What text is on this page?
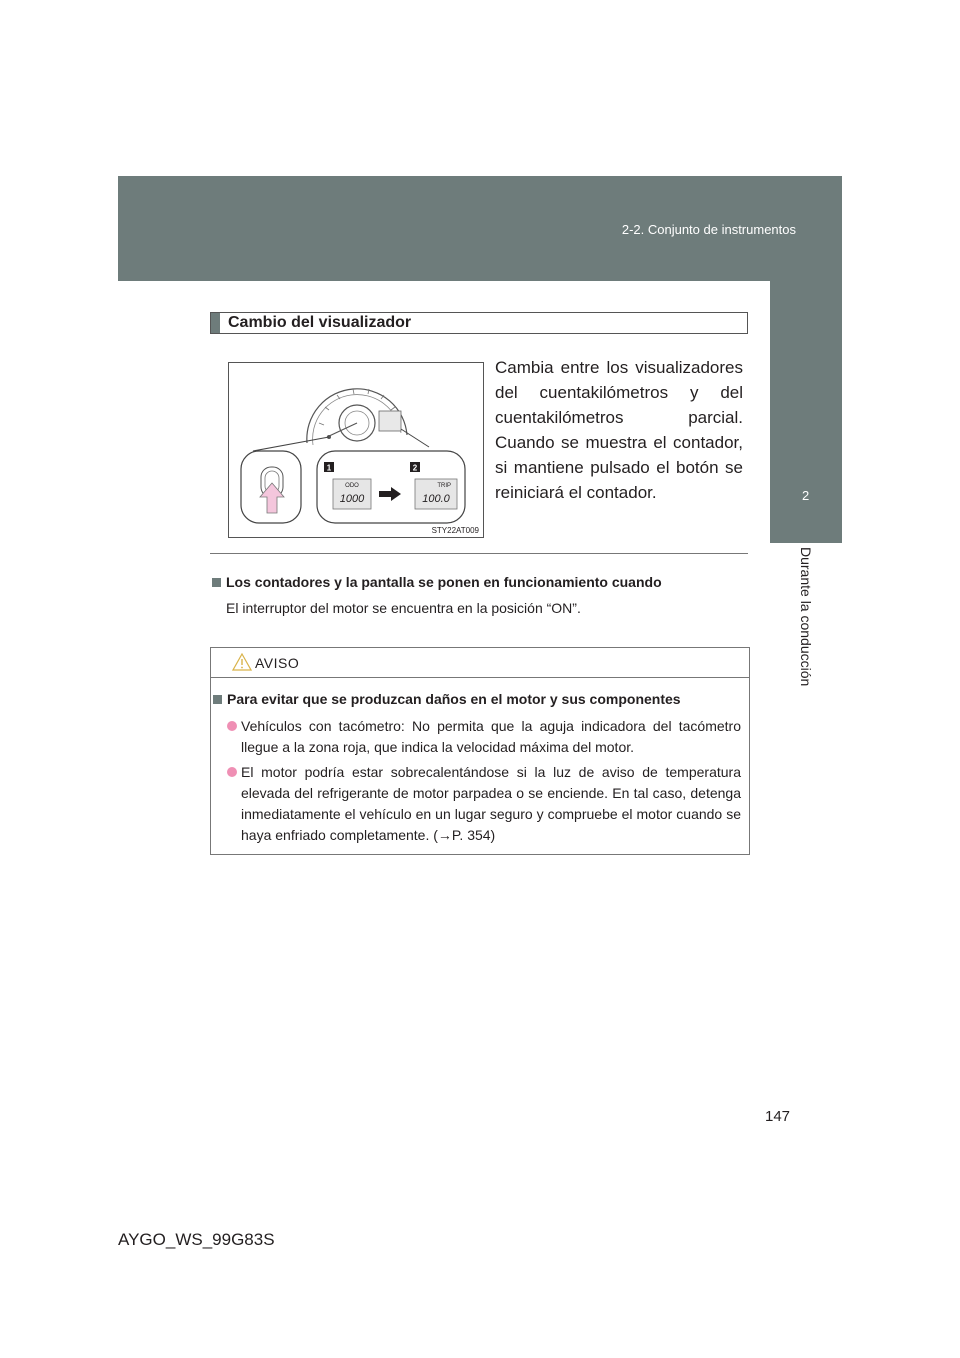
2-2. Conjunto de instrumentos
2
Durante la conducción
Cambio del visualizador
1	2
ODO
1000
TRIP
100.0
STY22AT009
Cambia entre los visualizadores del cuentakilómetros y del cuentakilómetros parcial. Cuando se muestra el contador, si mantiene pulsado el botón se reiniciará el contador.
Los contadores y la pantalla se ponen en funcionamiento cuando
El interruptor del motor se encuentra en la posición “ON”.
AVISO
Para evitar que se produzcan daños en el motor y sus componentes
Vehículos con tacómetro: No permita que la aguja indicadora del tacómetro llegue a la zona roja, que indica la velocidad máxima del motor.
El motor podría estar sobrecalentándose si la luz de aviso de temperatura elevada del refrigerante de motor parpadea o se enciende. En tal caso, detenga inmediatamente el vehículo en un lugar seguro y compruebe el motor cuando se haya enfriado completamente. (→P. 354)
147
AYGO_WS_99G83S
